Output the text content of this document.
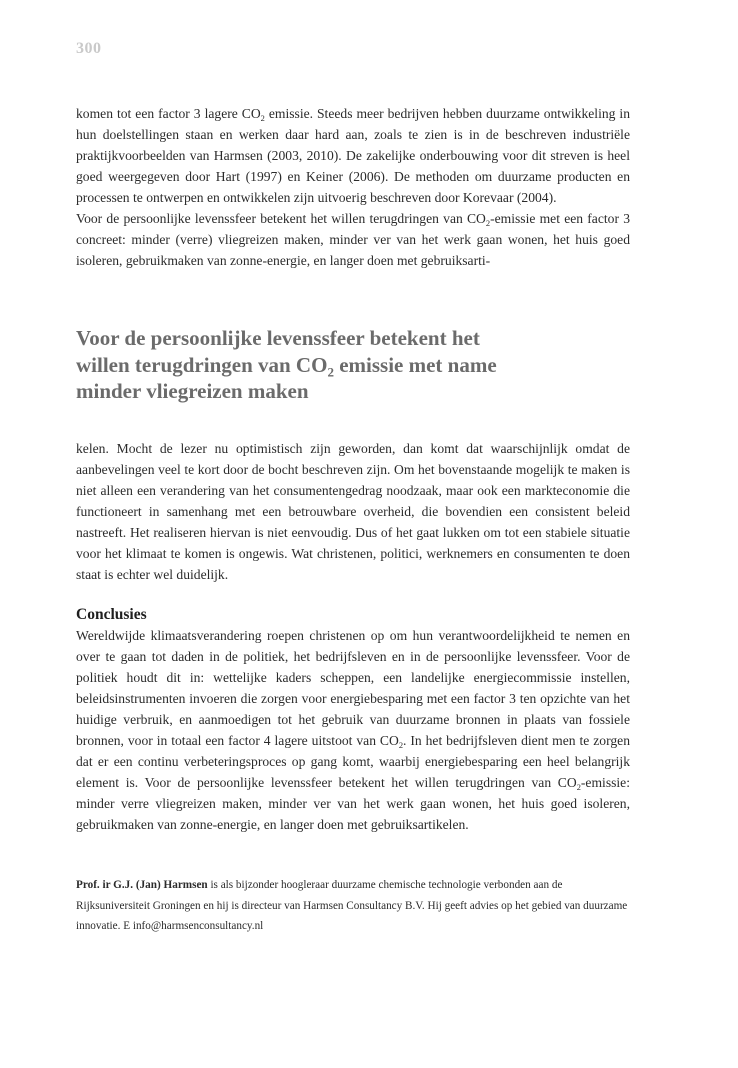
300

komen tot een factor 3 lagere $CO_2$ emissie. Steeds meer bedrijven hebben duurzame ontwikkeling in hun doelstellingen staan en werken daar hard aan, zoals te zien is in de beschreven industriële praktijkvoorbeelden van Harmsen (2003, 2010). De zakelijke onderbouwing voor dit streven is heel goed weergegeven door Hart (1997) en Keiner (2006). De methoden om duurzame producten en processen te ontwerpen en ontwikkelen zijn uitvoerig beschreven door Korevaar (2004).

Voor de persoonlijke levenssfeer betekent het willen terugdringen van $CO_2$-emissie met een factor 3 concreet: minder (verre) vliegreizen maken, minder ver van het werk gaan wonen, het huis goed isoleren, gebruikmaken van zonne-energie, en langer doen met gebruiksarti-

Voor de persoonlijke levenssfeer betekent het
willen terugdringen van $CO_2$ emissie met name
minder vliegreizen maken

kelen. Mocht de lezer nu optimistisch zijn geworden, dan komt dat waarschijnlijk omdat de aanbevelingen veel te kort door de bocht beschreven zijn. Om het bovenstaande mogelijk te maken is niet alleen een verandering van het consumentengedrag noodzaak, maar ook een markteconomie die functioneert in samenhang met een betrouwbare overheid, die bovendien een consistent beleid nastreeft. Het realiseren hiervan is niet eenvoudig. Dus of het gaat lukken om tot een stabiele situatie voor het klimaat te komen is ongewis. Wat christenen, politici, werknemers en consumenten te doen staat is echter wel duidelijk.

Conclusies

Wereldwijde klimaatsverandering roepen christenen op om hun verantwoordelijkheid te nemen en over te gaan tot daden in de politiek, het bedrijfsleven en in de persoonlijke levenssfeer. Voor de politiek houdt dit in: wettelijke kaders scheppen, een landelijke energiecommissie instellen, beleidsinstrumenten invoeren die zorgen voor energiebesparing met een factor 3 ten opzichte van het huidige verbruik, en aanmoedigen tot het gebruik van duurzame bronnen in plaats van fossiele bronnen, voor in totaal een factor 4 lagere uitstoot van $CO_2$. In het bedrijfsleven dient men te zorgen dat er een continu verbeteringsproces op gang komt, waarbij energiebesparing een heel belangrijk element is. Voor de persoonlijke levenssfeer betekent het willen terugdringen van $CO_2$-emissie: minder verre vliegreizen maken, minder ver van het werk gaan wonen, het huis goed isoleren, gebruikmaken van zonne-energie, en langer doen met gebruiksartikelen.

Prof. ir G.J. (Jan) Harmsen is als bijzonder hoogleraar duurzame chemische technologie verbonden aan de Rijksuniversiteit Groningen en hij is directeur van Harmsen Consultancy B.V. Hij geeft advies op het gebied van duurzame innovatie. E info@harmsenconsultancy.nl
